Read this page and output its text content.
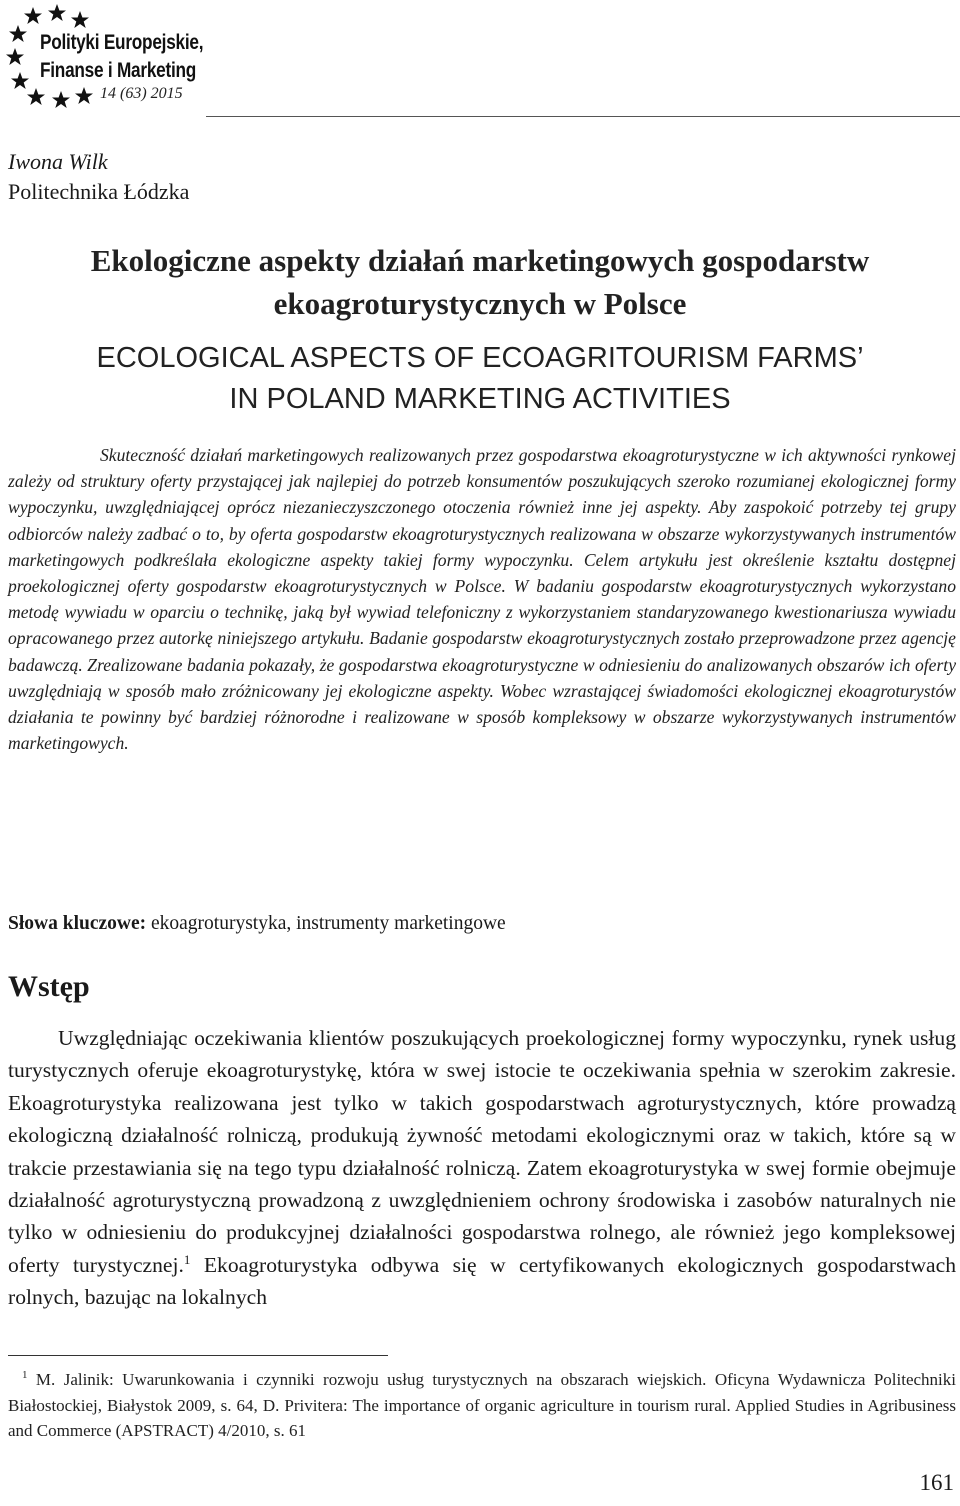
Polityki Europejskie,
Finanse i Marketing
14 (63) 2015
Iwona Wilk
Politechnika Łódzka
Ekologiczne aspekty działań marketingowych gospodarstw
ekoagroturystycznych w Polsce
ECOLOGICAL ASPECTS OF ECOAGRITOURISM FARMS’
IN POLAND MARKETING ACTIVITIES
Skuteczność działań marketingowych realizowanych przez gospodarstwa ekoagroturystyczne w ich aktywności rynkowej zależy od struktury oferty przystającej jak najlepiej do potrzeb konsumentów poszukujących szeroko rozumianej ekologicznej formy wypoczynku, uwzględniającej oprócz niezanieczyszczonego otoczenia również inne jej aspekty. Aby zaspokoić potrzeby tej grupy odbiorców należy zadbać o to, by oferta gospodarstw ekoagroturystycznych realizowana w obszarze wykorzystywanych instrumentów marketingowych podkreślała ekologiczne aspekty takiej formy wypoczynku. Celem artykułu jest określenie kształtu dostępnej proekologicznej oferty gospodarstw ekoagroturystycznych w Polsce. W badaniu gospodarstw ekoagroturystycznych wykorzystano metodę wywiadu w oparciu o technikę, jaką był wywiad telefoniczny z wykorzystaniem standaryzowanego kwestionariusza wywiadu opracowanego przez autorkę niniejszego artykułu. Badanie gospodarstw ekoagroturystycznych zostało przeprowadzone przez agencję badawczą. Zrealizowane badania pokazały, że gospodarstwa ekoagroturystyczne w odniesieniu do analizowanych obszarów ich oferty uwzględniają w sposób mało zróżnicowany jej ekologiczne aspekty. Wobec wzrastającej świadomości ekologicznej ekoagroturystów działania te powinny być bardziej różnorodne i realizowane w sposób kompleksowy w obszarze wykorzystywanych instrumentów marketingowych.
Słowa kluczowe: ekoagroturystyka, instrumenty marketingowe
Wstęp
Uwzględniając oczekiwania klientów poszukujących proekologicznej formy wypoczynku, rynek usług turystycznych oferuje ekoagroturystykę, która w swej istocie te oczekiwania spełnia w szerokim zakresie. Ekoagroturystyka realizowana jest tylko w takich gospodarstwach agroturystycznych, które prowadzą ekologiczną działalność rolniczą, produkują żywność metodami ekologicznymi oraz w takich, które są w trakcie przestawiania się na tego typu działalność rolniczą. Zatem ekoagroturystyka w swej formie obejmuje działalność agroturystyczną prowadzoną z uwzględnieniem ochrony środowiska i zasobów naturalnych nie tylko w odniesieniu do produkcyjnej działalności gospodarstwa rolnego, ale również jego kompleksowej oferty turystycznej.$^1$ Ekoagroturystyka odbywa się w certyfikowanych ekologicznych gospodarstwach rolnych, bazując na lokalnych
$^1$ M. Jalinik: Uwarunkowania i czynniki rozwoju usług turystycznych na obszarach wiejskich. Oficyna Wydawnicza Politechniki Białostockiej, Białystok 2009, s. 64, D. Privitera: The importance of organic agriculture in tourism rural. Applied Studies in Agribusiness and Commerce (APSTRACT) 4/2010, s. 61
161
